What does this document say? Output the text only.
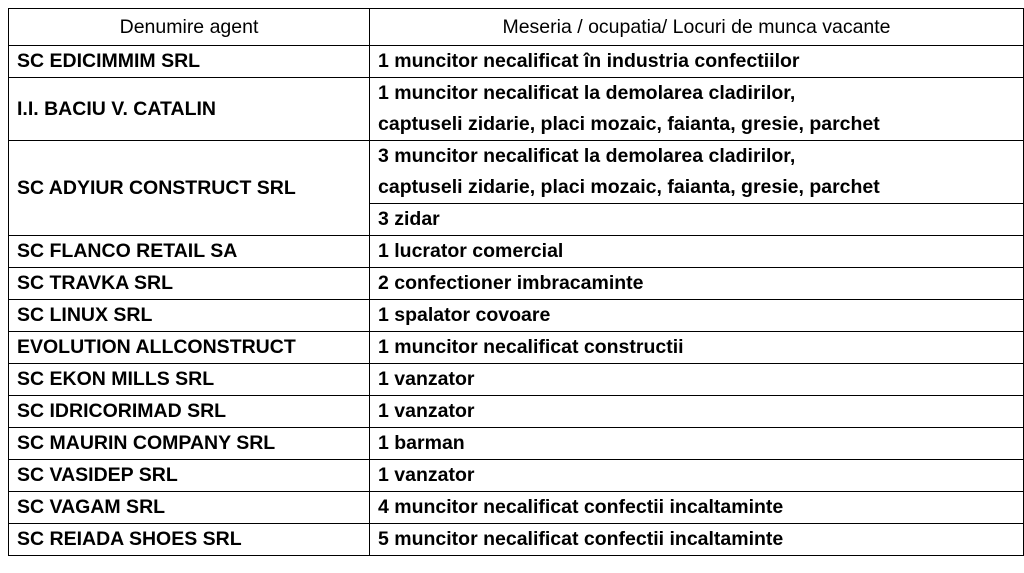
Denumire agent	Meseria / ocupatia/ Locuri de munca vacante
SC EDICIMMIM SRL	1 muncitor necalificat în industria confectiilor
I.I. BACIU V. CATALIN	1 muncitor necalificat la demolarea cladirilor,
captuseli zidarie, placi mozaic, faianta, gresie, parchet

SC ADYIUR CONSTRUCT SRL	3 muncitor necalificat la demolarea cladirilor,
captuseli zidarie, placi mozaic, faianta, gresie, parchet

	3 zidar
SC FLANCO RETAIL SA	1 lucrator comercial
SC TRAVKA SRL	2 confectioner imbracaminte
SC LINUX SRL	1 spalator covoare
EVOLUTION ALLCONSTRUCT	1 muncitor necalificat constructii
SC EKON MILLS SRL	1 vanzator
SC IDRICORIMAD SRL	1 vanzator
SC MAURIN COMPANY SRL	1 barman
SC VASIDEP SRL	1 vanzator
SC VAGAM SRL	4 muncitor necalificat confectii incaltaminte
SC REIADA SHOES SRL	5 muncitor necalificat confectii incaltaminte
